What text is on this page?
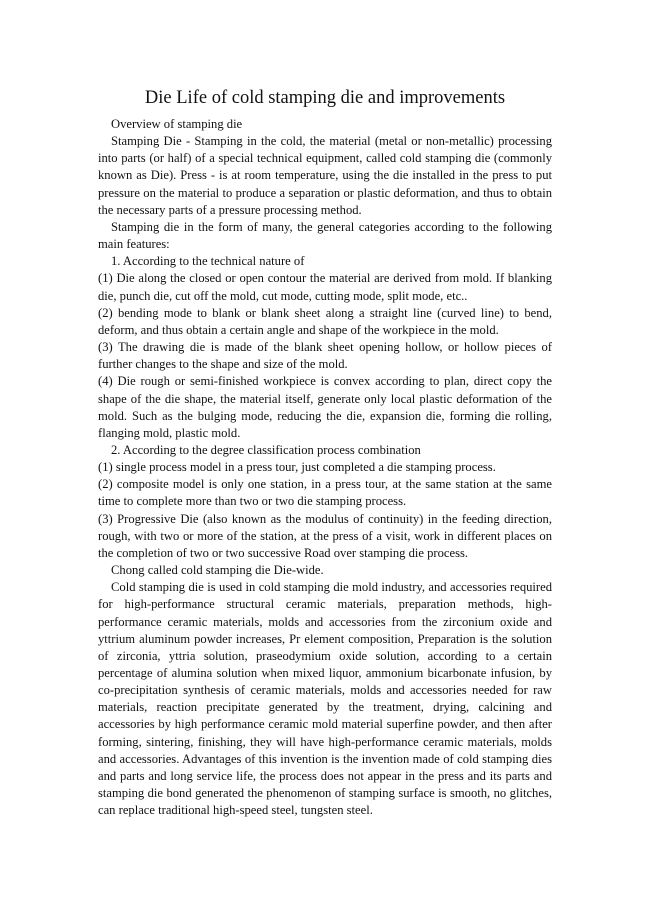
Die Life of cold stamping die and improvements

Overview of stamping die

Stamping Die - Stamping in the cold, the material (metal or non-metallic) processing into parts (or half) of a special technical equipment, called cold stamping die (commonly known as Die). Press - is at room temperature, using the die installed in the press to put pressure on the material to produce a separation or plastic deformation, and thus to obtain the necessary parts of a pressure processing method.

Stamping die in the form of many, the general categories according to the following main features:

1. According to the technical nature of

(1) Die along the closed or open contour the material are derived from mold. If blanking die, punch die, cut off the mold, cut mode, cutting mode, split mode, etc..

(2) bending mode to blank or blank sheet along a straight line (curved line) to bend, deform, and thus obtain a certain angle and shape of the workpiece in the mold.

(3) The drawing die is made of the blank sheet opening hollow, or hollow pieces of further changes to the shape and size of the mold.

(4) Die rough or semi-finished workpiece is convex according to plan, direct copy the shape of the die shape, the material itself, generate only local plastic deformation of the mold. Such as the bulging mode, reducing the die, expansion die, forming die rolling, flanging mold, plastic mold.

2. According to the degree classification process combination

(1) single process model in a press tour, just completed a die stamping process.

(2) composite model is only one station, in a press tour, at the same station at the same time to complete more than two or two die stamping process.

(3) Progressive Die (also known as the modulus of continuity) in the feeding direction, rough, with two or more of the station, at the press of a visit, work in different places on the completion of two or two successive Road over stamping die process.

Chong called cold stamping die Die-wide.

Cold stamping die is used in cold stamping die mold industry, and accessories required for high-performance structural ceramic materials, preparation methods, high-performance ceramic materials, molds and accessories from the zirconium oxide and yttrium aluminum powder increases, Pr element composition, Preparation is the solution of zirconia, yttria solution, praseodymium oxide solution, according to a certain percentage of alumina solution when mixed liquor, ammonium bicarbonate infusion, by co-precipitation synthesis of ceramic materials, molds and accessories needed for raw materials, reaction precipitate generated by the treatment, drying, calcining and accessories by high performance ceramic mold material superfine powder, and then after forming, sintering, finishing, they will have high-performance ceramic materials, molds and accessories. Advantages of this invention is the invention made of cold stamping dies and parts and long service life, the process does not appear in the press and its parts and stamping die bond generated the phenomenon of stamping surface is smooth, no glitches, can replace traditional high-speed steel, tungsten steel.
